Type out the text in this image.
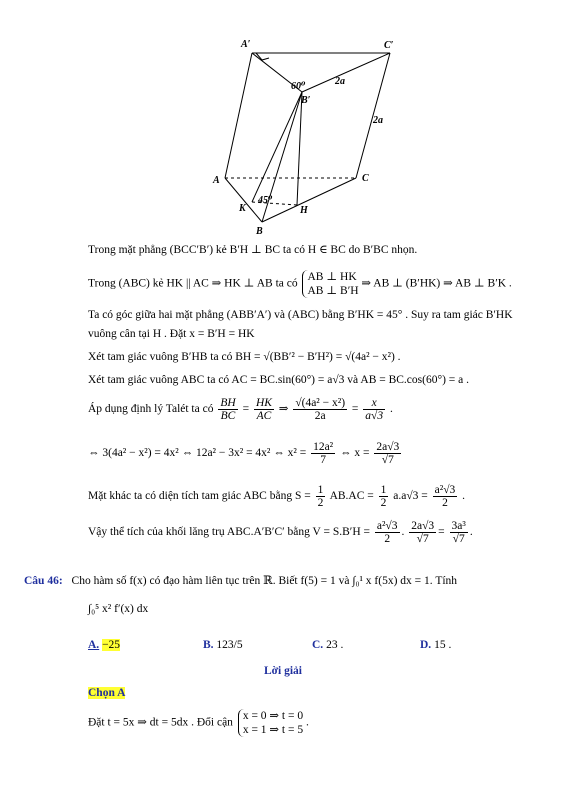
A′	C′
60⁰
B′
2a
2a
A	C
45⁰
K	H
B
Trong mặt phẳng (BCC′B′) kẻ B′H ⊥ BC ta có H ∈ BC do B′BC nhọn.
Trong (ABC) kẻ HK || AC ⇒ HK ⊥ AB ta có
AB ⊥ HK
AB ⊥ B′H
⇒ AB ⊥ (B′HK) ⇒ AB ⊥ B′K .
Ta có góc giữa hai mặt phẳng (ABB′A′) và (ABC) bằng B′HK = 45° . Suy ra tam giác B′HK
vuông cân tại H . Đặt x = B′H = HK
Xét tam giác vuông B′HB ta có BH = √(BB′² − B′H²) = √(4a² − x²) .
Xét tam giác vuông ABC ta có AC = BC.sin(60°) = a√3 và AB = BC.cos(60°) = a .
Áp dụng định lý Talét ta có $\frac{BH}{BC} = \frac{HK}{AC}$ ⇒ $\frac{\text{√(4a² − x²)}}{2a} = \frac{x}{a√3}$ .
⇔ 3(4a² − x²) = 4x² ⇔ 12a² − 3x² = 4x² ⇔ $x^2 = \frac{\text{12a²}}{7}$ ⇔ $x = \frac{2a√3}{√7}$
Mặt khác ta có diện tích tam giác ABC bằng $S = \frac{1}{2} AB.AC = \frac{1}{2} a.a√3 = \frac{\text{a²√3}}{2}$ .
Vậy thể tích của khối lăng trụ ABC.A′B′C′ bằng $V = S.B'H = \frac{\text{a²√3}}{2}$ . $\frac{2a√3}{√7} = \frac{\text{3a³}}{√7}$ .
Câu 46: Cho hàm số f(x) có đạo hàm liên tục trên ℝ. Biết f(5) = 1 và ∫₀¹ x f(5x) dx = 1. Tính
∫₀⁵ x² f′(x) dx
A. −25	B. 123/5	C. 23 .	D. 15 .
Lời giải
Chọn A
Đặt t = 5x ⇒ dt = 5dx . Đổi cận
x = 0 ⇒ t = 0
x = 1 ⇒ t = 5
.
